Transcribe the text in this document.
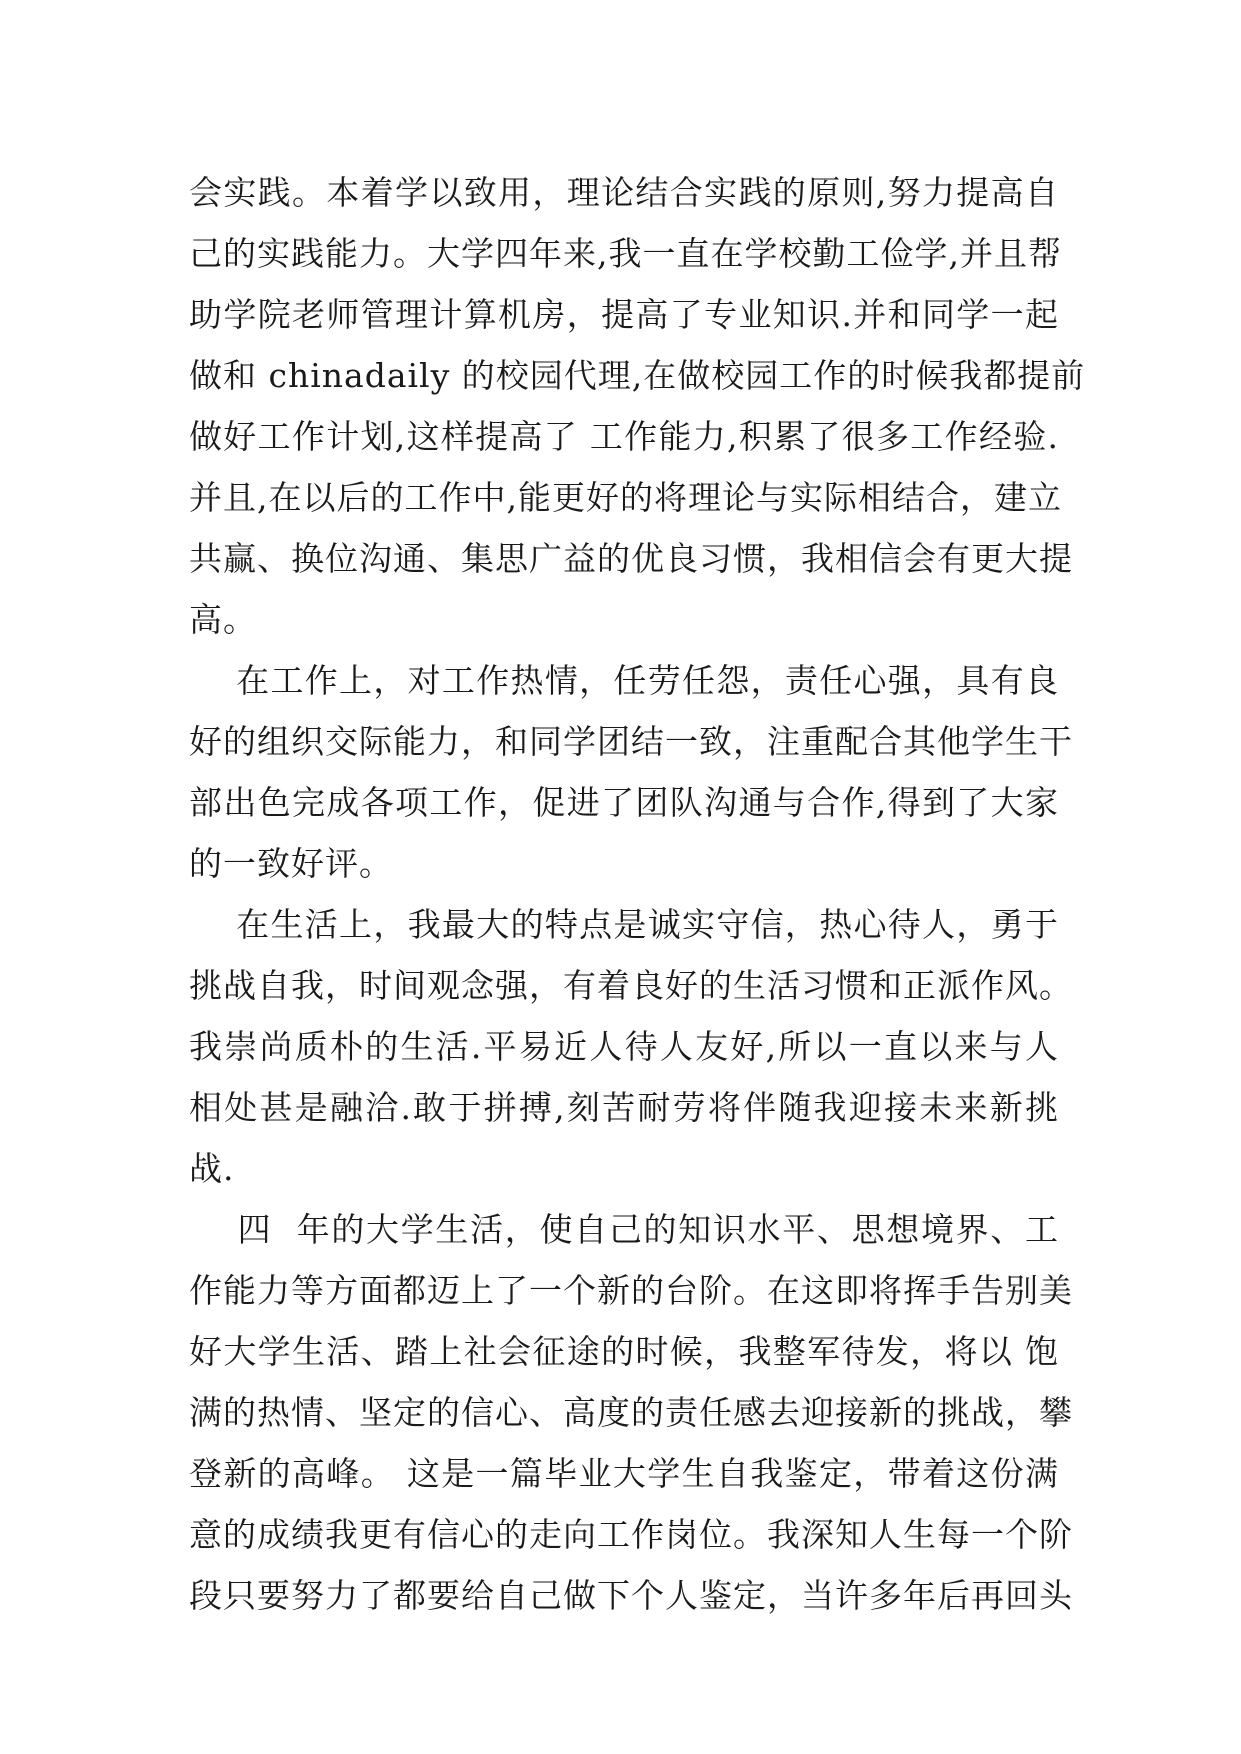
会实践。本着学以致用，理论结合实践的原则,努力提高自
己的实践能力。大学四年来,我一直在学校勤工俭学,并且帮
助学院老师管理计算机房，提高了专业知识.并和同学一起
做和 chinadaily 的校园代理,在做校园工作的时候我都提前
做好工作计划,这样提高了 工作能力,积累了很多工作经验.
并且,在以后的工作中,能更好的将理论与实际相结合，建立
共赢、换位沟通、集思广益的优良习惯，我相信会有更大提
高。
在工作上，对工作热情，任劳任怨，责任心强，具有良
好的组织交际能力，和同学团结一致，注重配合其他学生干
部出色完成各项工作，促进了团队沟通与合作,得到了大家
的一致好评。
在生活上，我最大的特点是诚实守信，热心待人，勇于
挑战自我，时间观念强，有着良好的生活习惯和正派作风。
我崇尚质朴的生活.平易近人待人友好,所以一直以来与人
相处甚是融洽.敢于拼搏,刻苦耐劳将伴随我迎接未来新挑
战.
四  年的大学生活，使自己的知识水平、思想境界、工
作能力等方面都迈上了一个新的台阶。在这即将挥手告别美
好大学生活、踏上社会征途的时候，我整军待发，将以 饱
满的热情、坚定的信心、高度的责任感去迎接新的挑战，攀
登新的高峰。 这是一篇毕业大学生自我鉴定，带着这份满
意的成绩我更有信心的走向工作岗位。我深知人生每一个阶
段只要努力了都要给自己做下个人鉴定，当许多年后再回头
